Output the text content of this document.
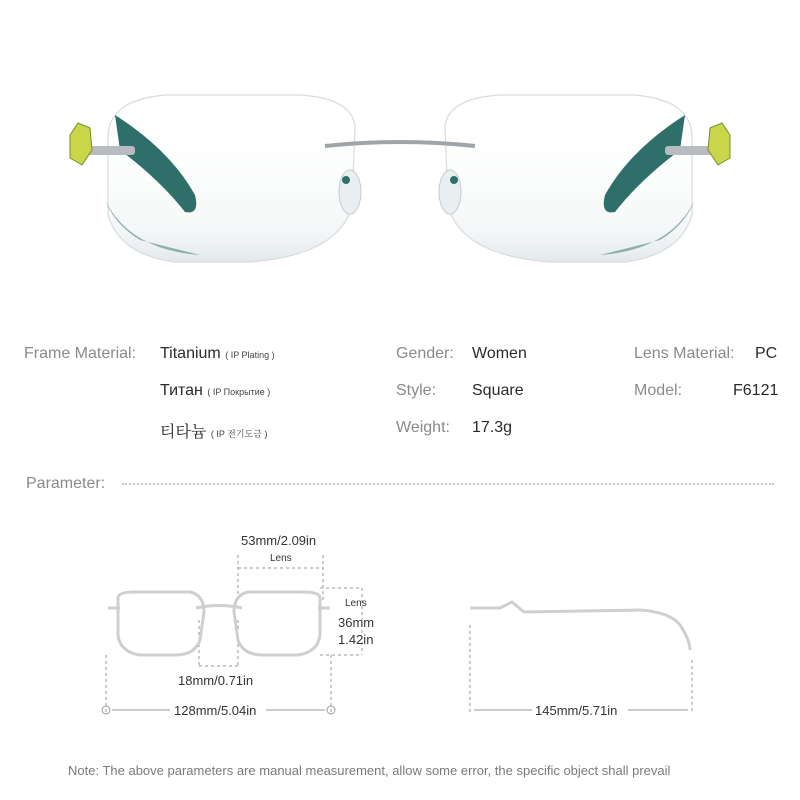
Frame Material: Titanium ( IP Plating )	Gender: Women	Lens Material: PC
Титан ( IP Покрытие )	Style: Square	Model:	F6121
티타늄 ( IP 전기도금 )	Weight: 17.3g
Parameter:
53mm/2.09in
Lens
Lens
36mm
1.42in
18mm/0.71in
128mm/5.04in	145mm/5.71in
Note: The above parameters are manual measurement, allow some error, the specific object shall prevail
